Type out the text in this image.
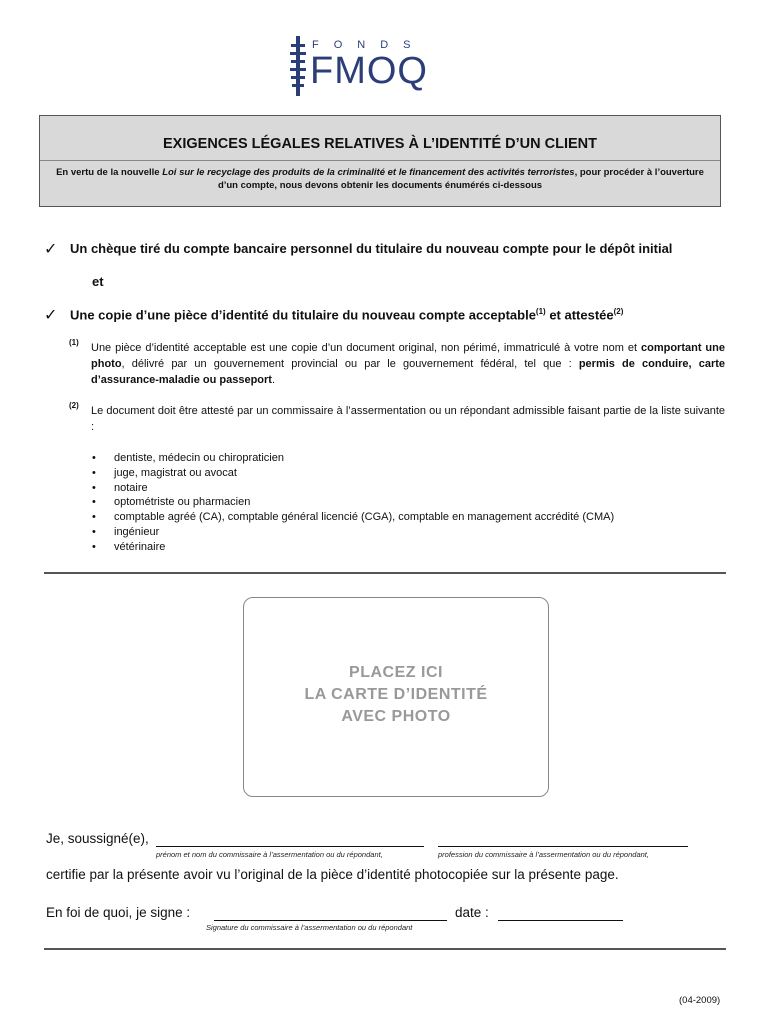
FONDS
FMOQ
EXIGENCES LÉGALES RELATIVES À L’IDENTITÉ D’UN CLIENT
En vertu de la nouvelle Loi sur le recyclage des produits de la criminalité et le financement des activités terroristes, pour procéder à l’ouverture d’un compte, nous devons obtenir les documents énumérés ci-dessous
✓ Un chèque tiré du compte bancaire personnel du titulaire du nouveau compte pour le dépôt initial
et
✓ Une copie d’une pièce d’identité du titulaire du nouveau compte acceptable$^{(1)}$ et attestée$^{(2)}$
(1) Une pièce d’identité acceptable est une copie d’un document original, non périmé, immatriculé à votre nom et comportant une photo, délivré par un gouvernement provincial ou par le gouvernement fédéral, tel que : permis de conduire, carte d’assurance-maladie ou passeport.
(2) Le document doit être attesté par un commissaire à l’assermentation ou un répondant admissible faisant partie de la liste suivante :
• dentiste, médecin ou chiropraticien
• juge, magistrat ou avocat
• notaire
• optométriste ou pharmacien
• comptable agréé (CA), comptable général licencié (CGA), comptable en management accrédité (CMA)
• ingénieur
• vétérinaire
PLACEZ ICI
LA CARTE D’IDENTITÉ
AVEC PHOTO
Je, soussigné(e),
prénom et nom du commissaire à l’assermentation ou du répondant,	profession du commissaire à l’assermentation ou du répondant,
certifie par la présente avoir vu l’original de la pièce d’identité photocopiée sur la présente page.
En foi de quoi, je signe :	date :
Signature du commissaire à l’assermentation ou du répondant
(04-2009)
